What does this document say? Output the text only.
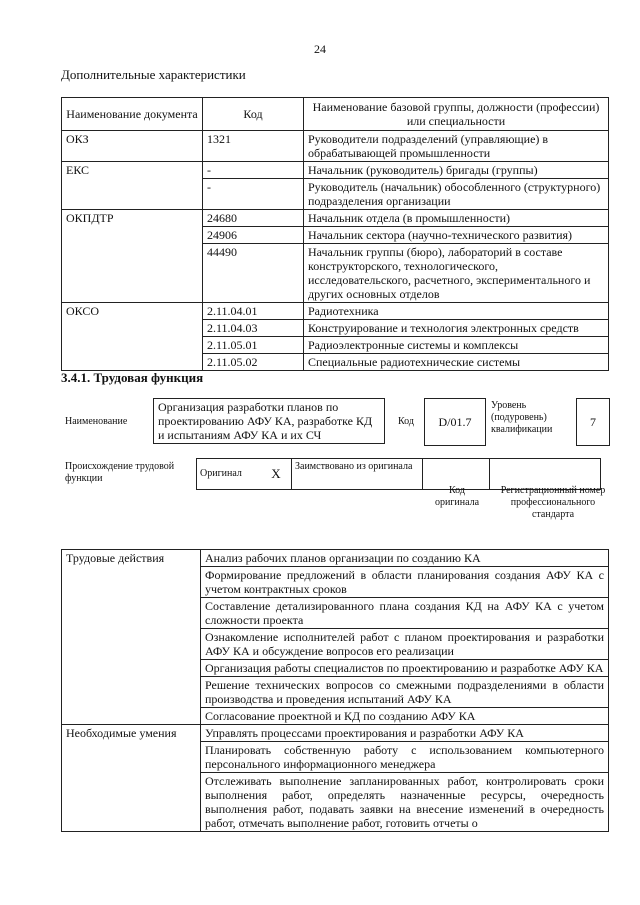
24
Дополнительные характеристики
Наименование документа	Код	Наименование базовой группы, должности (профессии) или специальности
ОКЗ	1321	Руководители подразделений (управляющие) в обрабатывающей промышленности
ЕКС	-	Начальник (руководитель) бригады (группы)
	-	Руководитель (начальник) обособленного (структурного) подразделения организации
ОКПДТР	24680	Начальник отдела (в промышленности)
	24906	Начальник сектора (научно-технического развития)
	44490	Начальник группы (бюро), лабораторий в составе конструкторского, технологического, исследовательского, расчетного, экспериментального и других основных отделов
ОКСО	2.11.04.01	Радиотехника
	2.11.04.03	Конструирование и технология электронных средств
	2.11.05.01	Радиоэлектронные системы и комплексы
	2.11.05.02	Специальные радиотехнические системы
3.4.1. Трудовая функция
Наименование
Организация разработки планов по проектированию АФУ КА, разработке КД и испытаниям АФУ КА и их СЧ
Код	D/01.7
Уровень (подуровень) квалификации
7
Происхождение трудовой функции	Оригинал	X	Заимствовано из оригинала		
Код оригинала
Регистрационный номер профессионального стандарта
Трудовые действия	Анализ рабочих планов организации по созданию КА
	Формирование предложений в области планирования создания АФУ КА с учетом контрактных сроков
	Составление детализированного плана создания КД на АФУ КА с учетом сложности проекта
	Ознакомление исполнителей работ с планом проектирования и разработки АФУ КА и обсуждение вопросов его реализации
	Организация работы специалистов по проектированию и разработке АФУ КА
	Решение технических вопросов со смежными подразделениями в области производства и проведения испытаний АФУ КА
	Согласование проектной и КД по созданию АФУ КА
Необходимые умения	Управлять процессами проектирования и разработки АФУ КА
	Планировать собственную работу с использованием компьютерного персонального информационного менеджера
	Отслеживать выполнение запланированных работ, контролировать сроки выполнения работ, определять назначенные ресурсы, очередность выполнения работ, подавать заявки на внесение изменений в очередность работ, отмечать выполнение работ, готовить отчеты о
